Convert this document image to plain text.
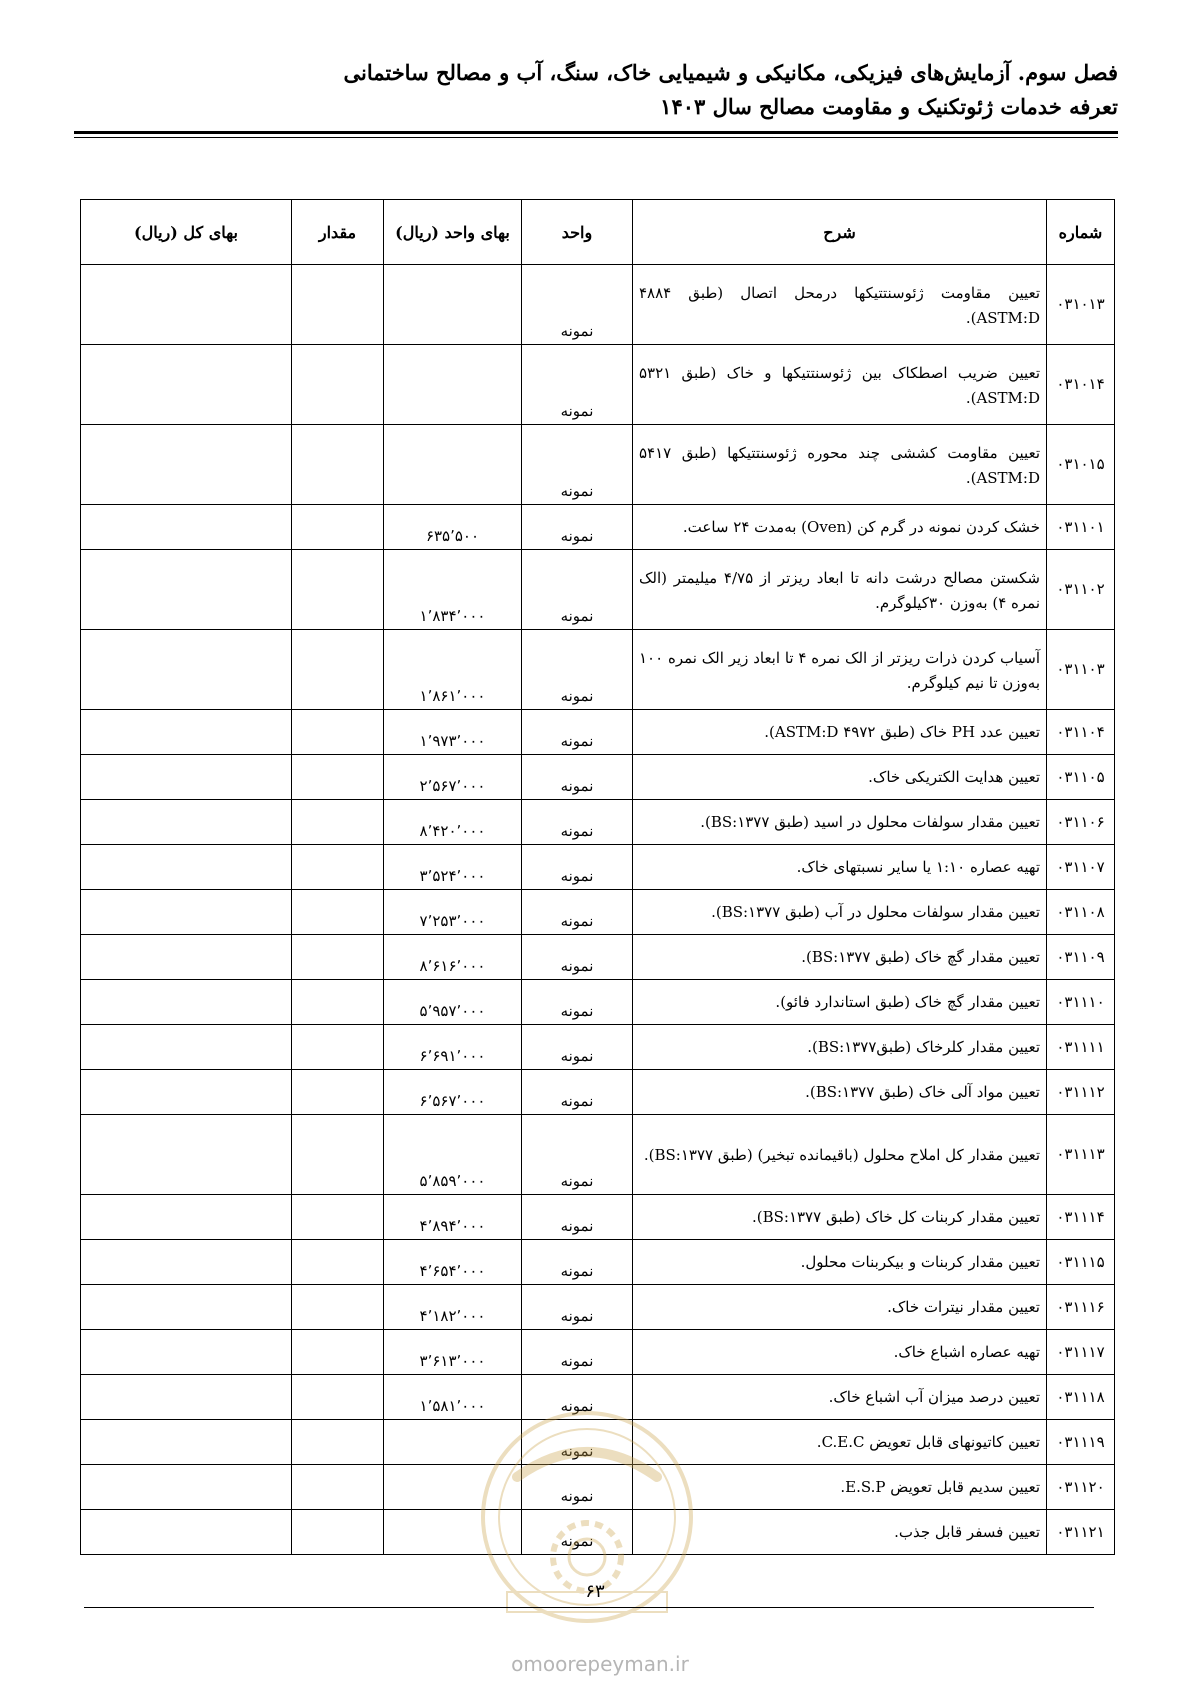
فصل سوم. آزمایش‌های فیزیکی، مکانیکی و شیمیایی خاک، سنگ، آب و مصالح ساختمانی
تعرفه خدمات ژئوتکنیک و مقاومت مصالح سال ۱۴۰۳
شماره	شرح	واحد	بهای واحد (ریال)	مقدار	بهای کل (ریال)
۰۳۱۰۱۳	تعیین مقاومت ژئوسنتتیکها درمحل اتصال (طبق ۴۸۸۴ ASTM:D).	نمونه			
۰۳۱۰۱۴	تعیین ضریب اصطکاک بین ژئوسنتتیکها و خاک (طبق ۵۳۲۱ ASTM:D).	نمونه			
۰۳۱۰۱۵	تعیین مقاومت کششی چند محوره ژئوسنتتیکها (طبق ۵۴۱۷ ASTM:D).	نمونه			
۰۳۱۱۰۱	خشک کردن نمونه در گرم کن (Oven) به‌مدت ۲۴ ساعت.	نمونه	۶۳۵٬۵۰۰		
۰۳۱۱۰۲	شکستن مصالح درشت دانه تا ابعاد ریزتر از ۴/۷۵ میلیمتر (الک نمره ۴) به‌وزن ۳۰کیلوگرم.	نمونه	۱٬۸۳۴٬۰۰۰		
۰۳۱۱۰۳	آسیاب کردن ذرات ریزتر از الک نمره ۴ تا ابعاد زیر الک نمره ۱۰۰ به‌وزن تا نیم کیلوگرم.	نمونه	۱٬۸۶۱٬۰۰۰		
۰۳۱۱۰۴	تعیین عدد PH خاک (طبق ۴۹۷۲ ASTM:D).	نمونه	۱٬۹۷۳٬۰۰۰		
۰۳۱۱۰۵	تعیین هدایت الکتریکی خاک.	نمونه	۲٬۵۶۷٬۰۰۰		
۰۳۱۱۰۶	تعیین مقدار سولفات محلول در اسید (طبق BS:۱۳۷۷).	نمونه	۸٬۴۲۰٬۰۰۰		
۰۳۱۱۰۷	تهیه عصاره ۱:۱۰ یا سایر نسبتهای خاک.	نمونه	۳٬۵۲۴٬۰۰۰		
۰۳۱۱۰۸	تعیین مقدار سولفات محلول در آب (طبق BS:۱۳۷۷).	نمونه	۷٬۲۵۳٬۰۰۰		
۰۳۱۱۰۹	تعیین مقدار گچ خاک (طبق BS:۱۳۷۷).	نمونه	۸٬۶۱۶٬۰۰۰		
۰۳۱۱۱۰	تعیین مقدار گچ خاک (طبق استاندارد فائو).	نمونه	۵٬۹۵۷٬۰۰۰		
۰۳۱۱۱۱	تعیین مقدار کلرخاک (طبقBS:۱۳۷۷).	نمونه	۶٬۶۹۱٬۰۰۰		
۰۳۱۱۱۲	تعیین مواد آلی خاک (طبق BS:۱۳۷۷).	نمونه	۶٬۵۶۷٬۰۰۰		
۰۳۱۱۱۳	تعیین مقدار کل املاح محلول (باقیمانده تبخیر) (طبق BS:۱۳۷۷).	نمونه	۵٬۸۵۹٬۰۰۰		
۰۳۱۱۱۴	تعیین مقدار کربنات کل خاک (طبق BS:۱۳۷۷).	نمونه	۴٬۸۹۴٬۰۰۰		
۰۳۱۱۱۵	تعیین مقدار کربنات و بیکربنات محلول.	نمونه	۴٬۶۵۴٬۰۰۰		
۰۳۱۱۱۶	تعیین مقدار نیترات خاک.	نمونه	۴٬۱۸۲٬۰۰۰		
۰۳۱۱۱۷	تهیه عصاره اشباع خاک.	نمونه	۳٬۶۱۳٬۰۰۰		
۰۳۱۱۱۸	تعیین درصد میزان آب اشباع خاک.	نمونه	۱٬۵۸۱٬۰۰۰		
۰۳۱۱۱۹	تعیین کاتیونهای قابل تعویض C.E.C.	نمونه			
۰۳۱۱۲۰	تعیین سدیم قابل تعویض E.S.P.	نمونه			
۰۳۱۱۲۱	تعیین فسفر قابل جذب.	نمونه			
۶۳
omoorepeyman.ir
